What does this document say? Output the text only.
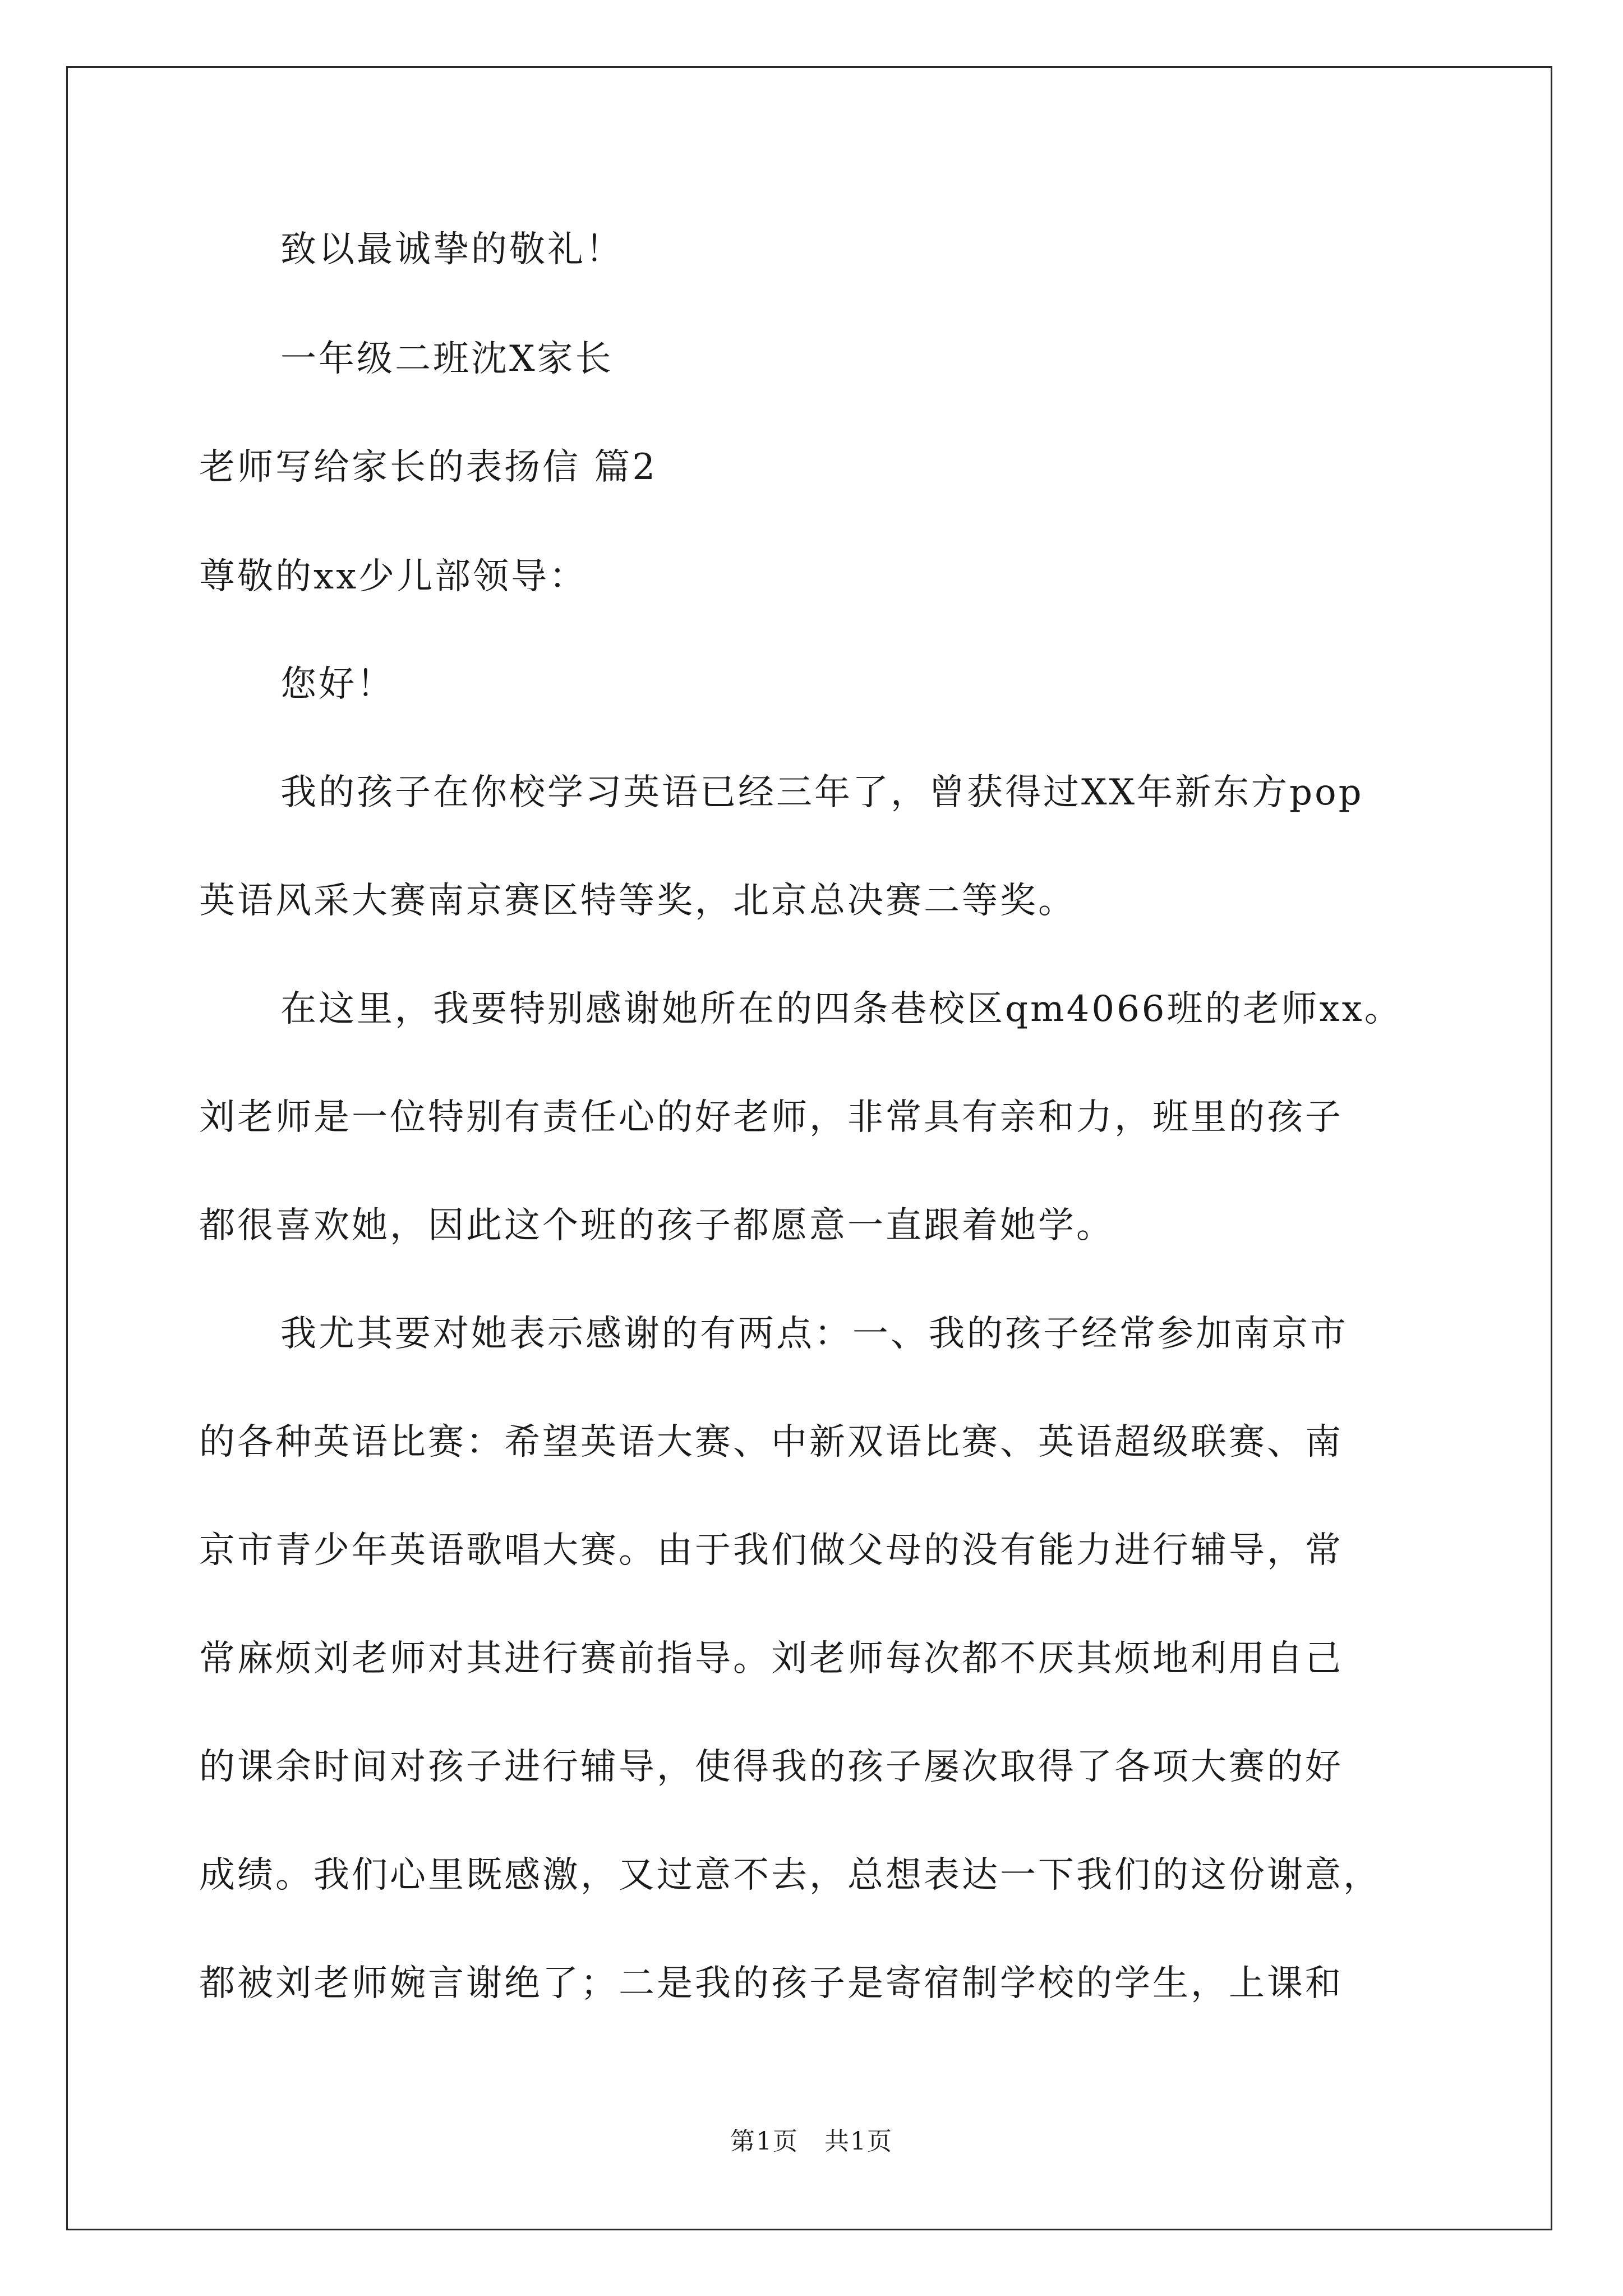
致以最诚挚的敬礼！
一年级二班沈X家长
老师写给家长的表扬信 篇2
尊敬的xx少儿部领导：
您好！
我的孩子在你校学习英语已经三年了，曾获得过XX年新东方pop
英语风采大赛南京赛区特等奖，北京总决赛二等奖。
在这里，我要特别感谢她所在的四条巷校区qm4066班的老师xx。
刘老师是一位特别有责任心的好老师，非常具有亲和力，班里的孩子
都很喜欢她，因此这个班的孩子都愿意一直跟着她学。
我尤其要对她表示感谢的有两点：一、我的孩子经常参加南京市
的各种英语比赛：希望英语大赛、中新双语比赛、英语超级联赛、南
京市青少年英语歌唱大赛。由于我们做父母的没有能力进行辅导，常
常麻烦刘老师对其进行赛前指导。刘老师每次都不厌其烦地利用自己
的课余时间对孩子进行辅导，使得我的孩子屡次取得了各项大赛的好
成绩。我们心里既感激，又过意不去，总想表达一下我们的这份谢意，
都被刘老师婉言谢绝了；二是我的孩子是寄宿制学校的学生，上课和
第1页　共1页
